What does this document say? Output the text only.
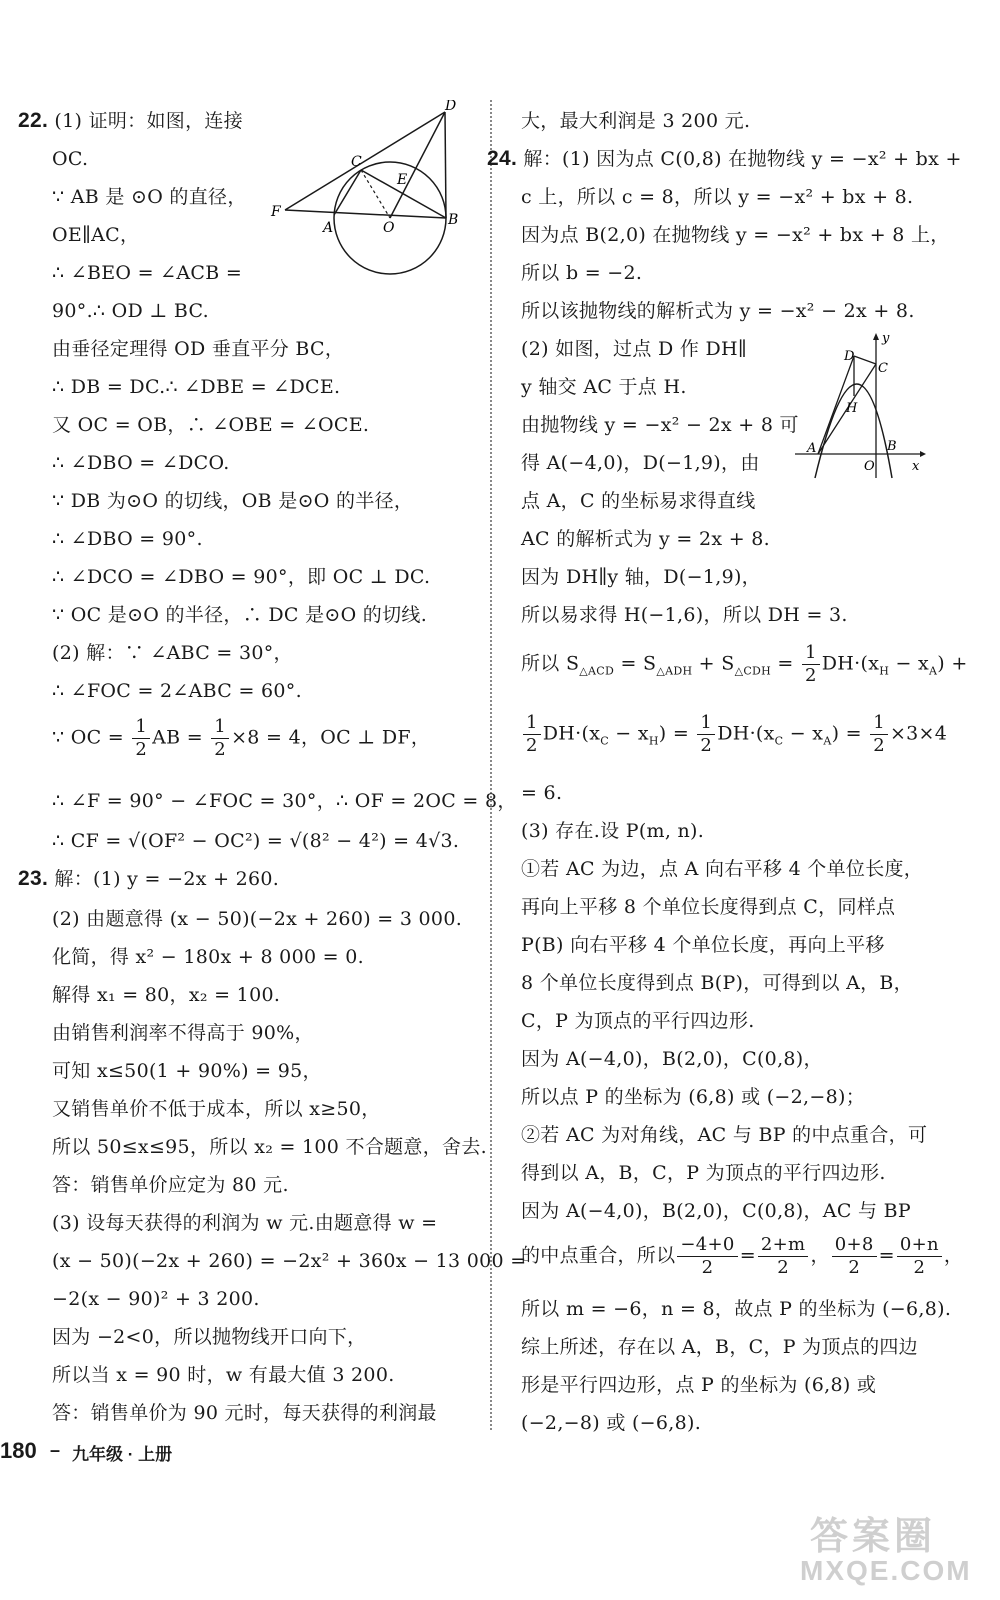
22. (1) 证明：如图，连接
OC.
∵ AB 是 ⊙O 的直径，
OE∥AC，
∴ ∠BEO = ∠ACB =
90°.∴ OD ⊥ BC.
由垂径定理得 OD 垂直平分 BC，
∴ DB = DC.∴ ∠DBE = ∠DCE.
又 OC = OB，∴ ∠OBE = ∠OCE.
∴ ∠DBO = ∠DCO.
∵ DB 为⊙O 的切线，OB 是⊙O 的半径，
∴ ∠DBO = 90°.
∴ ∠DCO = ∠DBO = 90°，即 OC ⊥ DC.
∵ OC 是⊙O 的半径，∴ DC 是⊙O 的切线.
(2) 解：∵ ∠ABC = 30°，
∴ ∠FOC = 2∠ABC = 60°.
∵ OC = $\frac{1}{2}$ AB = $\frac{1}{2} \times 8 = 4$，OC ⊥ DF，
∴ ∠F = 90° − ∠FOC = 30°，∴ OF = 2OC = 8，
∴ CF = √(OF² − OC²) = √(8² − 4²) = 4√3.
23. 解：(1) y = −2x + 260.
(2) 由题意得 (x − 50)(−2x + 260) = 3 000.
化简，得 x² − 180x + 8 000 = 0.
解得 x₁ = 80，x₂ = 100.
由销售利润率不得高于 90%，
可知 x≤50(1 + 90%) = 95，
又销售单价不低于成本，所以 x≥50，
所以 50≤x≤95，所以 x₂ = 100 不合题意，舍去.
答：销售单价应定为 80 元.
(3) 设每天获得的利润为 w 元.由题意得 w =
(x − 50)(−2x + 260) = −2x² + 360x − 13 000 =
−2(x − 90)² + 3 200.
因为 −2<0，所以抛物线开口向下，
所以当 x = 90 时，w 有最大值 3 200.
答：销售单价为 90 元时，每天获得的利润最
D
C
E
F
A	O	B
大，最大利润是 3 200 元.
24. 解：(1) 因为点 C(0,8) 在抛物线 y = −x² + bx +
c 上，所以 c = 8，所以 y = −x² + bx + 8.
因为点 B(2,0) 在抛物线 y = −x² + bx + 8 上，
所以 b = −2.
所以该抛物线的解析式为 y = −x² − 2x + 8.
(2) 如图，过点 D 作 DH∥
y 轴交 AC 于点 H.
由抛物线 y = −x² − 2x + 8 可
得 A(−4,0)，D(−1,9)，由
点 A，C 的坐标易求得直线
AC 的解析式为 y = 2x + 8.
因为 DH∥y 轴，D(−1,9)，
所以易求得 H(−1,6)，所以 DH = 3.
所以 $S_{\triangle ACD} = S_{\triangle ADH} + S_{\triangle CDH} = \frac{1}{2} DH\cdot(x_H - x_A)$ +
$\frac{1}{2} DH\cdot(x_C - x_H) = \frac{1}{2} DH\cdot(x_C - x_A) = \frac{1}{2} \times 3\times 4$
= 6.
(3) 存在.设 P(m, n).
①若 AC 为边，点 A 向右平移 4 个单位长度，
再向上平移 8 个单位长度得到点 C，同样点
P(B) 向右平移 4 个单位长度，再向上平移
8 个单位长度得到点 B(P)，可得到以 A，B，
C，P 为顶点的平行四边形.
因为 A(−4,0)，B(2,0)，C(0,8)，
所以点 P 的坐标为 (6,8) 或 (−2,−8)；
②若 AC 为对角线，AC 与 BP 的中点重合，可
得到以 A，B，C，P 为顶点的平行四边形.
因为 A(−4,0)，B(2,0)，C(0,8)，AC 与 BP
的中点重合，所以 $\frac{-4+0}{2} = \frac{2+m}{2}$ ， $\frac{0+8}{2} = \frac{0+n}{2}$ ，
所以 m = −6，n = 8，故点 P 的坐标为 (−6,8).
综上所述，存在以 A，B，C，P 为顶点的四边
形是平行四边形，点 P 的坐标为 (6,8) 或
(−2,−8) 或 (−6,8).
y
D
C
H
A	B
O	x
180 – 九年级 · 上册
答案圈
MXQE.COM
